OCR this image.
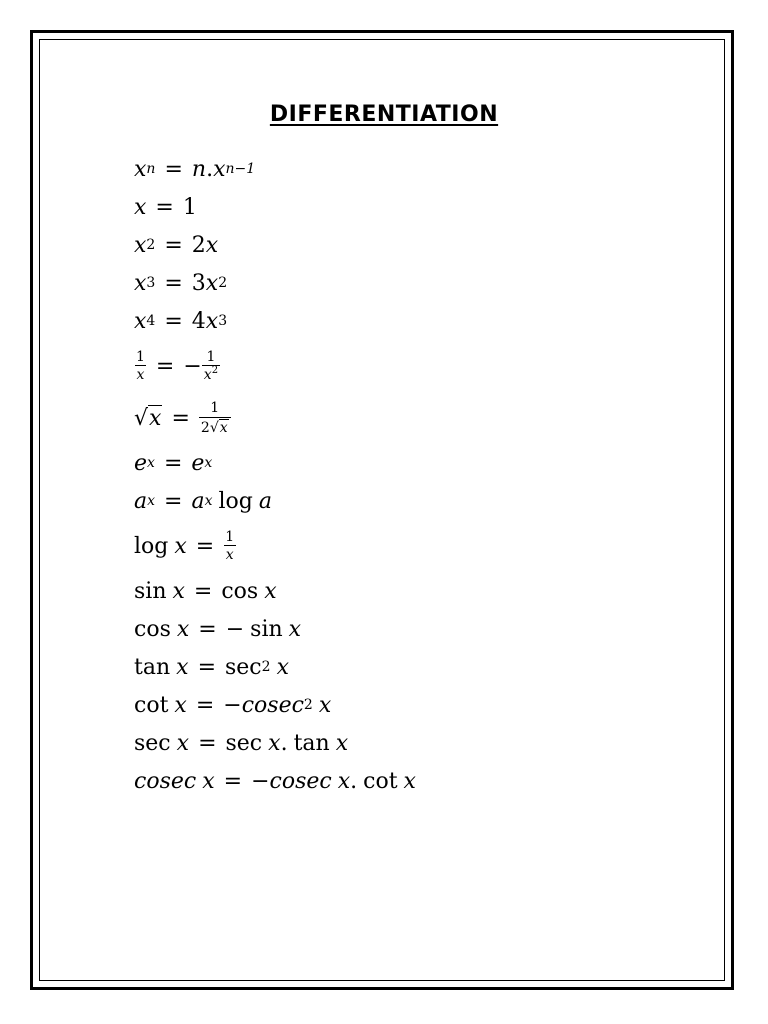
DIFFERENTIATION
x n = n . x n−1
x = 1
x 2 = 2 x
x 3 = 3 x 2
x 4 = 4 x 3
$\frac{1}{x}$ = − $\frac{1}{x^2}$
√ $x = \frac{1}{2 √ x}$
e x = e x
a x = a x log a
$\log x = \frac{1}{x}$
sin x = cos x
cos x = − sin x
tan x = sec 2 x
cot x = − cosec 2 x
sec x = sec x . tan x
cosec x = − cosec x . cot x
